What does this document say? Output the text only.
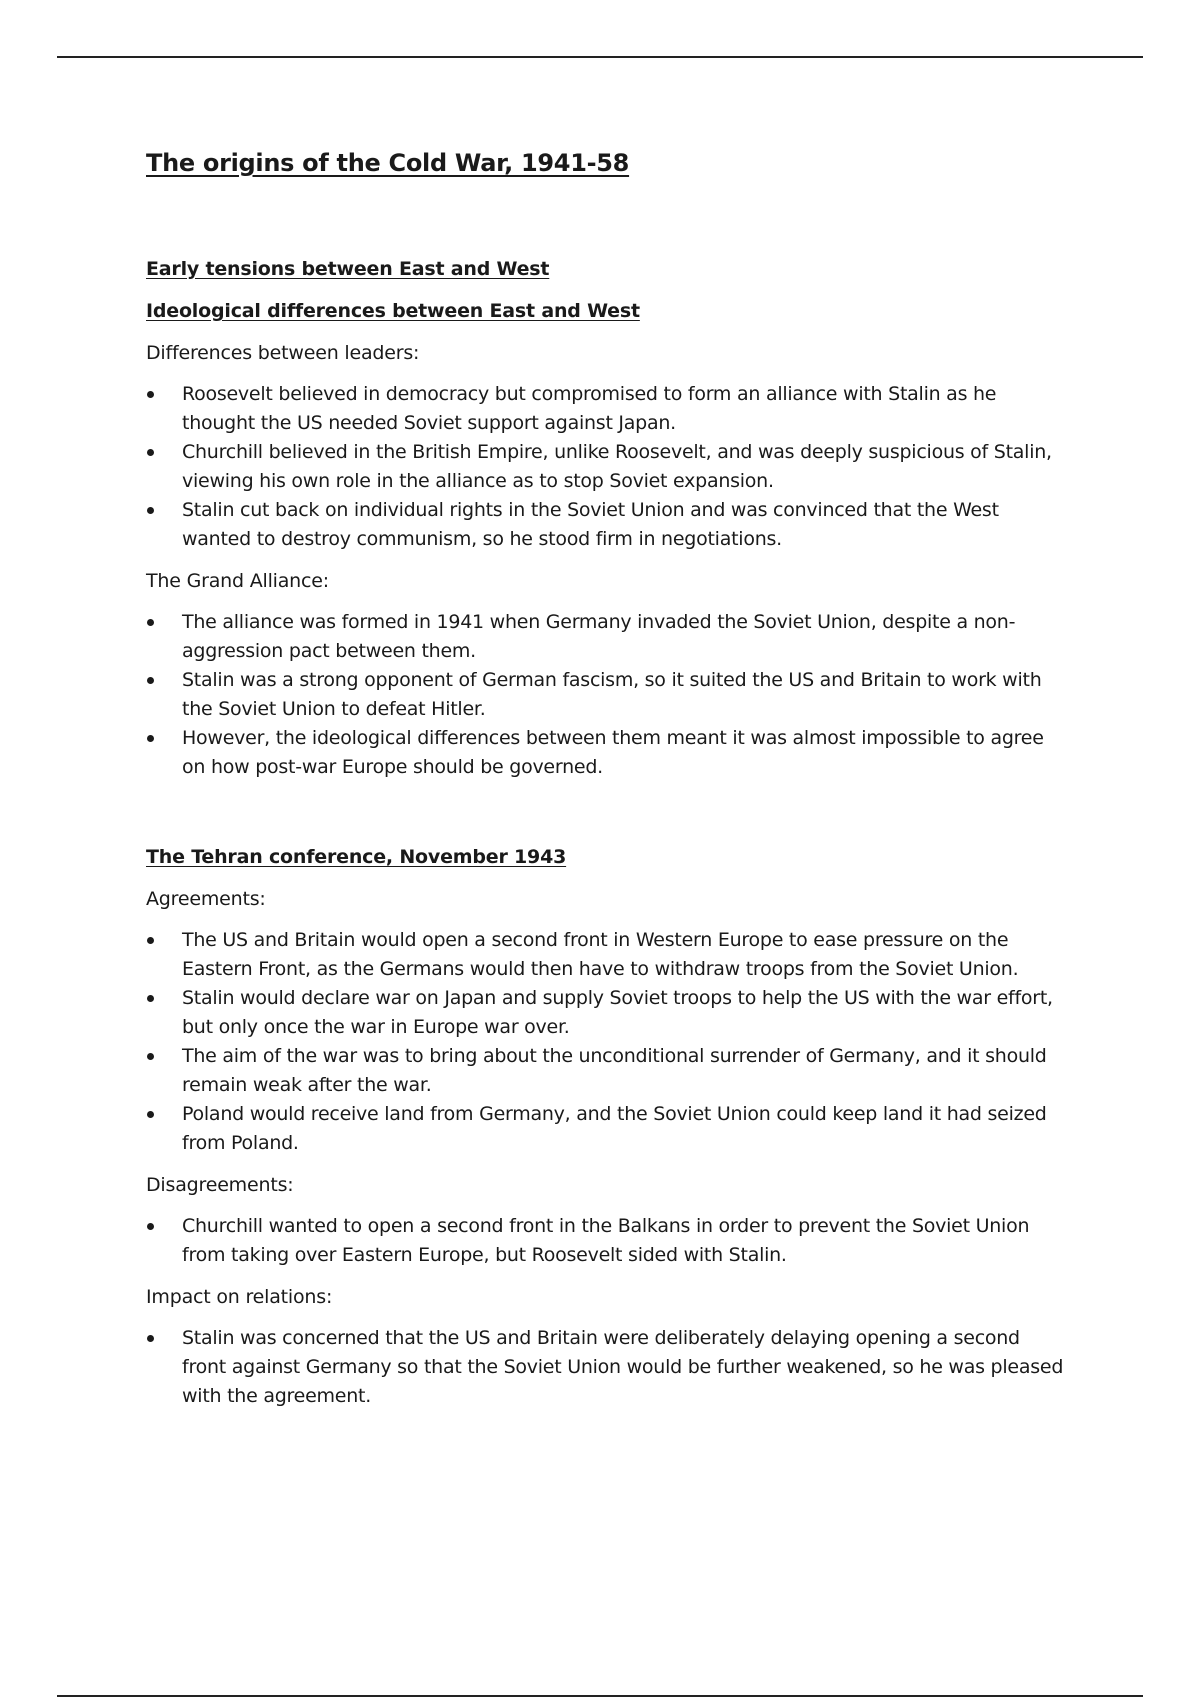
The origins of the Cold War, 1941-58
Early tensions between East and West
Ideological differences between East and West

Differences between leaders:

Roosevelt believed in democracy but compromised to form an alliance with Stalin as he thought the US needed Soviet support against Japan.
Churchill believed in the British Empire, unlike Roosevelt, and was deeply suspicious of Stalin, viewing his own role in the alliance as to stop Soviet expansion.
Stalin cut back on individual rights in the Soviet Union and was convinced that the West wanted to destroy communism, so he stood firm in negotiations.

The Grand Alliance:

The alliance was formed in 1941 when Germany invaded the Soviet Union, despite a non-aggression pact between them.
Stalin was a strong opponent of German fascism, so it suited the US and Britain to work with the Soviet Union to defeat Hitler.
However, the ideological differences between them meant it was almost impossible to agree on how post-war Europe should be governed.
The Tehran conference, November 1943

Agreements:

The US and Britain would open a second front in Western Europe to ease pressure on the Eastern Front, as the Germans would then have to withdraw troops from the Soviet Union.
Stalin would declare war on Japan and supply Soviet troops to help the US with the war effort, but only once the war in Europe war over.
The aim of the war was to bring about the unconditional surrender of Germany, and it should remain weak after the war.
Poland would receive land from Germany, and the Soviet Union could keep land it had seized from Poland.

Disagreements:

Churchill wanted to open a second front in the Balkans in order to prevent the Soviet Union from taking over Eastern Europe, but Roosevelt sided with Stalin.

Impact on relations:

Stalin was concerned that the US and Britain were deliberately delaying opening a second front against Germany so that the Soviet Union would be further weakened, so he was pleased with the agreement.
